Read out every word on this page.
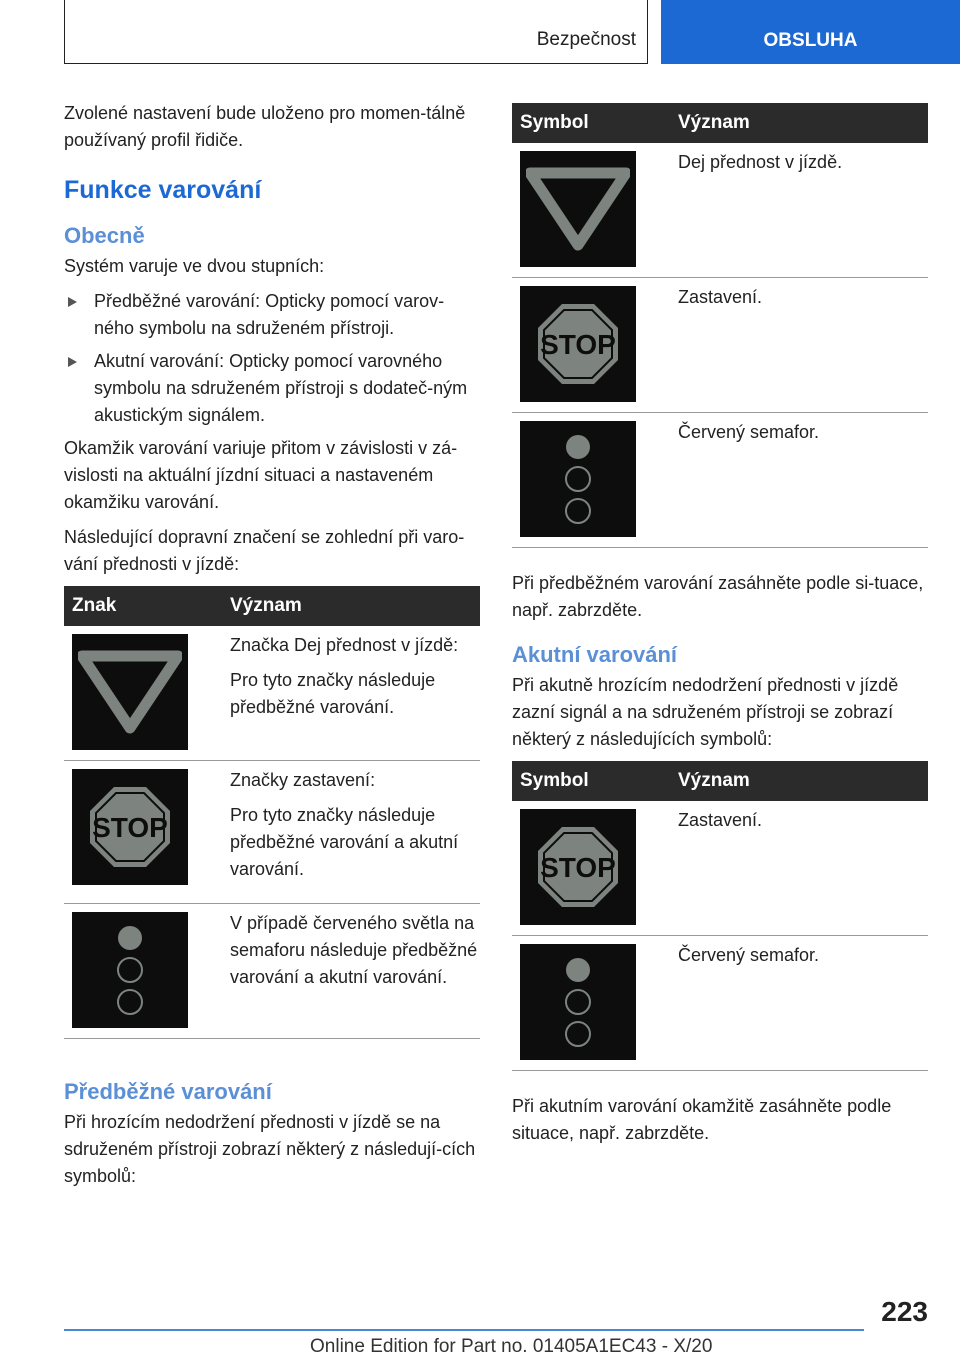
Bezpečnost	OBSLUHA

Zvolené nastavení bude uloženo pro momen-tálně používaný profil řidiče.

Funkce varování
Obecně

Systém varuje ve dvou stupních:

Předběžné varování: Opticky pomocí varov-ného symbolu na sdruženém přístroji.
Akutní varování: Opticky pomocí varovného symbolu na sdruženém přístroji s dodateč-ným akustickým signálem.

Okamžik varování variuje přitom v závislosti v zá-vislosti na aktuální jízdní situaci a nastaveném okamžiku varování.

Následující dopravní značení se zohlední při varo-vání přednosti v jízdě:

Znak	Význam

Značka Dej přednost v jízdě:
Pro tyto značky následuje předběžné varování.

STOP	Značky zastavení:
Pro tyto značky následuje předběžné varování a akutní varování.

V případě červeného světla na semaforu následuje předběžné varování a akutní varování.
Předběžné varování

Při hrozícím nedodržení přednosti v jízdě se na sdruženém přístroji zobrazí některý z následují-cích symbolů:

Symbol	Význam

Dej přednost v jízdě.

STOP	Zastavení.

Červený semafor.

Při předběžném varování zasáhněte podle si-tuace, např. zabrzděte.

Akutní varování

Při akutně hrozícím nedodržení přednosti v jízdě zazní signál a na sdruženém přístroji se zobrazí některý z následujících symbolů:

Symbol	Význam

STOP	Zastavení.

Červený semafor.

Při akutním varování okamžitě zasáhněte podle situace, např. zabrzděte.

223
Online Edition for Part no. 01405A1EC43 - X/20
